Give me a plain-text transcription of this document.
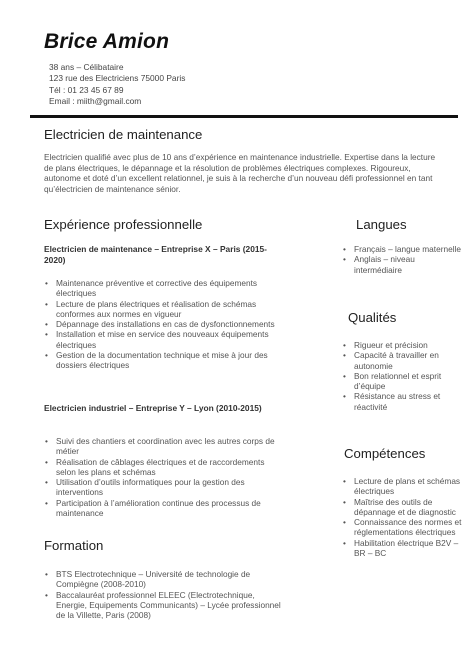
Brice Amion
38 ans – Célibataire
123 rue des Electriciens 75000 Paris
Tél : 01 23 45 67 89
Email : miith@gmail.com
Electricien de maintenance

Electricien qualifié avec plus de 10 ans d’expérience en maintenance industrielle. Expertise dans la lecture de plans électriques, le dépannage et la résolution de problèmes électriques complexes. Rigoureux, autonome et doté d’un excellent relationnel, je suis à la recherche d’un nouveau défi professionnel en tant qu’électricien de maintenance sénior.

Expérience professionnelle

Electricien de maintenance – Entreprise X – Paris (2015-2020)

• Maintenance préventive et corrective des équipements électriques
• Lecture de plans électriques et réalisation de schémas conformes aux normes en vigueur
• Dépannage des installations en cas de dysfonctionnements
• Installation et mise en service des nouveaux équipements électriques
• Gestion de la documentation technique et mise à jour des dossiers électriques

Electricien industriel – Entreprise Y – Lyon (2010-2015)

• Suivi des chantiers et coordination avec les autres corps de métier
• Réalisation de câblages électriques et de raccordements selon les plans et schémas
• Utilisation d’outils informatiques pour la gestion des interventions
• Participation à l’amélioration continue des processus de maintenance
Formation
• BTS Electrotechnique – Université de technologie de Compiègne (2008-2010)
• Baccalauréat professionnel ELEEC (Electrotechnique, Energie, Equipements Communicants) – Lycée professionnel de la Villette, Paris (2008)
Langues
• Français – langue maternelle
• Anglais – niveau intermédiaire
Qualités
• Rigueur et précision
• Capacité à travailler en autonomie
• Bon relationnel et esprit d’équipe
• Résistance au stress et réactivité
Compétences
• Lecture de plans et schémas électriques
• Maîtrise des outils de dépannage et de diagnostic
• Connaissance des normes et réglementations électriques
• Habilitation électrique B2V – BR – BC
